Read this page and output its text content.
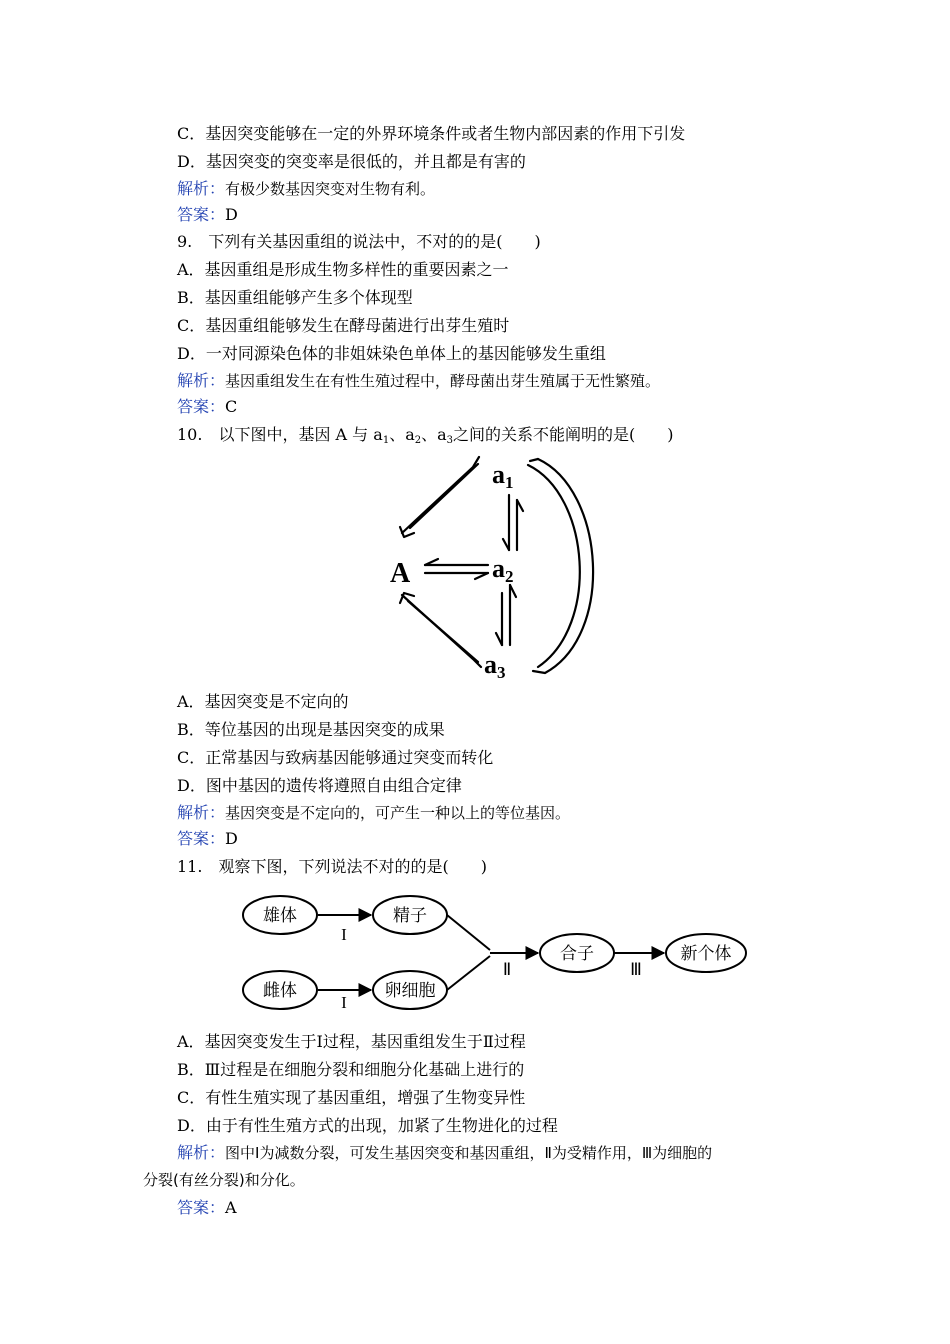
C．基因突变能够在一定的外界环境条件或者生物内部因素的作用下引发
D．基因突变的突变率是很低的，并且都是有害的
解析：有极少数基因突变对生物有利。
答案：D
9.　下列有关基因重组的说法中，不对的的是(　　)
A．基因重组是形成生物多样性的重要因素之一
B．基因重组能够产生多个体现型
C．基因重组能够发生在酵母菌进行出芽生殖时
D．一对同源染色体的非姐妹染色单体上的基因能够发生重组
解析：基因重组发生在有性生殖过程中，酵母菌出芽生殖属于无性繁殖。
答案：C
10.　以下图中，基因 A 与 $a_1$、$a_2$、$a_3$之间的关系不能阐明的是(　　)
A
a1
a2
a3
A．基因突变是不定向的
B．等位基因的出现是基因突变的成果
C．正常基因与致病基因能够通过突变而转化
D．图中基因的遗传将遵照自由组合定律
解析：基因突变是不定向的，可产生一种以上的等位基因。
答案：D
11.　观察下图，下列说法不对的的是(　　)
雄体	精子
雌体	卵细胞
合子	新个体
I
I
Ⅱ	Ⅲ
A．基因突变发生于Ⅰ过程，基因重组发生于Ⅱ过程
B．Ⅲ过程是在细胞分裂和细胞分化基础上进行的
C．有性生殖实现了基因重组，增强了生物变异性
D．由于有性生殖方式的出现，加紧了生物进化的过程
解析：图中Ⅰ为减数分裂，可发生基因突变和基因重组，Ⅱ为受精作用，Ⅲ为细胞的
分裂(有丝分裂)和分化。
答案：A
